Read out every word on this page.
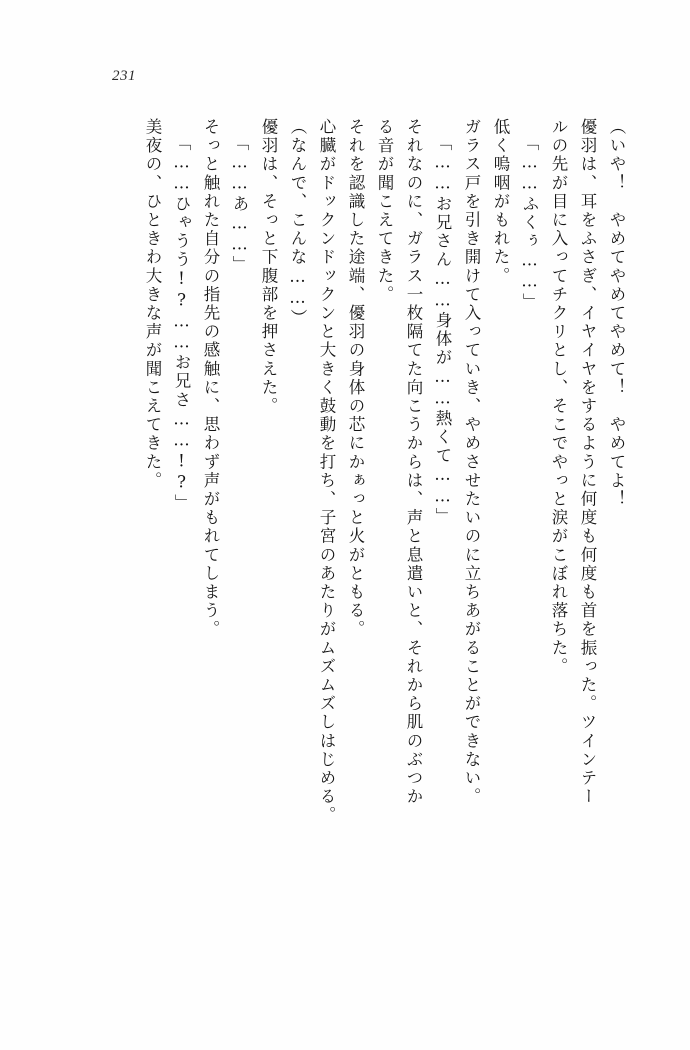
231
（いや！　やめてやめてやめて！　やめてよ！
優羽は、耳をふさぎ、イヤイヤをするように何度も何度も首を振った。ツインテー
ルの先が目に入ってチクリとし、そこでやっと涙がこぼれ落ちた。
「……ふくぅ……」
低く嗚咽がもれた。
ガラス戸を引き開けて入っていき、やめさせたいのに立ちあがることができない。
「……お兄さん……身体が……熱くて……」
それなのに、ガラス一枚隔てた向こうからは、声と息遣いと、それから肌のぶつか
る音が聞こえてきた。
それを認識した途端、優羽の身体の芯にかぁっと火がともる。
心臓がドックンドックンと大きく鼓動を打ち、子宮のあたりがムズムズしはじめる。
（なんで、こんな……）
優羽は、そっと下腹部を押さえた。
「……あ……」
そっと触れた自分の指先の感触に、思わず声がもれてしまう。
「……ひゃうう!?……お兄さ……!?」
美夜の、ひときわ大きな声が聞こえてきた。
